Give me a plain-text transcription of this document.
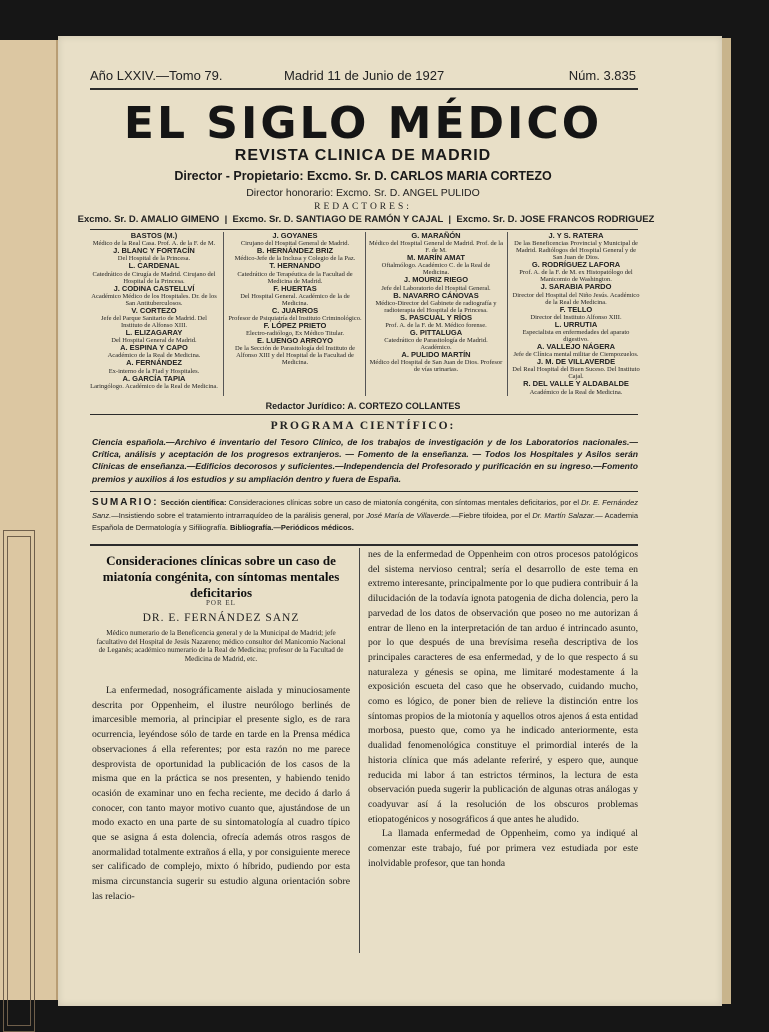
Año LXXIV.—Tomo 79.	Madrid 11 de Junio de 1927	Núm. 3.835
EL SIGLO MÉDICO
REVISTA CLINICA DE MADRID
Director - Propietario: Excmo. Sr. D. CARLOS MARIA CORTEZO
Director honorario: Excmo. Sr. D. ANGEL PULIDO
REDACTORES:
Excmo. Sr. D. AMALIO GIMENO  |  Excmo. Sr. D. SANTIAGO DE RAMÓN Y CAJAL  |  Excmo. Sr. D. JOSE FRANCOS RODRIGUEZ
BASTOS (M.)
Médico de la Real Casa. Prof. A. de la F. de M.
J. BLANC Y FORTACÍN
Del Hospital de la Princesa.
L. CARDENAL
Catedrático de Cirugía de Madrid. Cirujano del Hospital de la Princesa.
J. CODINA CASTELLVÍ
Académico Médico de los Hospitales. Dr. de los San Antituberculosos.
V. CORTEZO
Jefe del Parque Sanitario de Madrid. Del Instituto de Alfonso XIII.
L. ELIZAGARAY
Del Hospital General de Madrid.
A. ESPINA Y CAPO
Académico de la Real de Medicina.
A. FERNÁNDEZ
Ex-interno de la Fiad y Hospitales.
A. GARCÍA TAPIA
Laringólogo. Académico de la Real de Medicina.
J. GOYANES
Cirujano del Hospital General de Madrid.
B. HERNÁNDEZ BRIZ
Médico-Jefe de la Inclusa y Colegio de la Paz.
T. HERNANDO
Catedrático de Terapéutica de la Facultad de Medicina de Madrid.
F. HUERTAS
Del Hospital General. Académico de la de Medicina.
C. JUARROS
Profesor de Psiquiatría del Instituto Criminológico.
F. LÓPEZ PRIETO
Electro-radiólogo, Ex Médico Titular.
E. LUENGO ARROYO
De la Sección de Parasitología del Instituto de Alfonso XIII y del Hospital de la Facultad de Medicina.
G. MARAÑÓN
Médico del Hospital General de Madrid. Prof. de la F. de M.
M. MARÍN AMAT
Oftalmólogo. Académico C. de la Real de Medicina.
J. MOURIZ RIEGO
Jefe del Laboratorio del Hospital General.
B. NAVARRO CÁNOVAS
Médico-Director del Gabinete de radiografía y radioterapia del Hospital de la Princesa.
S. PASCUAL Y RÍOS
Prof. A. de la F. de M. Médico forense.
G. PITTALUGA
Catedrático de Parasitología de Madrid. Académico.
A. PULIDO MARTÍN
Médico del Hospital de San Juan de Dios. Profesor de vías urinarias.
J. Y S. RATERA
De las Beneficencias Provincial y Municipal de Madrid. Radiólogos del Hospital General y de San Juan de Dios.
G. RODRÍGUEZ LAFORA
Prof. A. de la F. de M. ex Histopatólogo del Manicomio de Washington.
J. SARABIA PARDO
Director del Hospital del Niño Jesús. Académico de la Real de Medicina.
F. TELLO
Director del Instituto Alfonso XIII.
L. URRUTIA
Especialista en enfermedades del aparato digestivo.
A. VALLEJO NÁGERA
Jefe de Clínica mental militar de Ciempozuelos.
J. M. DE VILLAVERDE
Del Real Hospital del Buen Suceso. Del Instituto Cajal.
R. DEL VALLE Y ALDABALDE
Académico de la Real de Medicina.
Redactor Jurídico: A. CORTEZO COLLANTES
PROGRAMA CIENTÍFICO:
Ciencia española.—Archivo é inventario del Tesoro Clínico, de los trabajos de investigación y de los Laboratorios nacionales.—Crítica, análisis y aceptación de los progresos extranjeros. — Fomento de la enseñanza. — Todos los Hospitales y Asilos serán Clínicas de enseñanza.—Edificios decorosos y suficientes.—Independencia del Profesorado y purificación en su ingreso.—Fomento premios y auxilios á los estudios y su ampliación dentro y fuera de España.
SUMARIO: Sección científica: Consideraciones clínicas sobre un caso de miatonía congénita, con síntomas mentales deficitarios, por el Dr. E. Fernández Sanz.—Insistiendo sobre el tratamiento intrarraquídeo de la parálisis general, por José María de Villaverde.—Fiebre tifoidea, por el Dr. Martín Salazar.— Academia Española de Dermatología y Sifiliografía. Bibliografía.—Periódicos médicos.
Consideraciones clínicas sobre un caso de miatonía congénita, con síntomas mentales deficitarios
POR EL
DR. E. FERNÁNDEZ SANZ
Médico numerario de la Beneficencia general y de la Municipal de Madrid; jefe facultativo del Hospital de Jesús Nazareno; médico consultor del Manicomio Nacional de Leganés; académico numerario de la Real de Medicina; profesor de la Facultad de Medicina de Madrid, etc.

La enfermedad, nosográficamente aislada y minuciosamente descrita por Oppenheim, el ilustre neurólogo berlinés de imarcesible memoria, al principiar el presente siglo, es de rara ocurrencia, leyéndose sólo de tarde en tarde en la Prensa médica observaciones á ella referentes; por esta razón no me parece desprovista de oportunidad la publicación de los casos de la misma que en la práctica se nos presenten, y habiendo tenido ocasión de examinar uno en fecha reciente, me decido á darlo á conocer, con tanto mayor motivo cuanto que, ajustándose de un modo exacto en una parte de su sintomatología al cuadro típico que se asigna á esta dolencia, ofrecía además otros rasgos de anormalidad totalmente extraños á ella, y por consiguiente merece ser calificado de complejo, mixto ó híbrido, pudiendo por esta misma circunstancia sugerir su estudio alguna orientación sobre las relacio-

nes de la enfermedad de Oppenheim con otros procesos patológicos del sistema nervioso central; sería el desarrollo de este tema en extremo interesante, principalmente por lo que pudiera contribuir á la dilucidación de la todavía ignota patogenia de dicha dolencia, pero la parvedad de los datos de observación que poseo no me autorizan á entrar de lleno en la interpretación de tan arduo é intrincado asunto, por lo que después de una brevísima reseña descriptiva de los principales caracteres de esa enfermedad, y de lo que respecto á su naturaleza y génesis se opina, me limitaré modestamente á la exposición escueta del caso que he observado, cuidando mucho, como es lógico, de poner bien de relieve la distinción entre los síntomas propios de la miotonía y aquellos otros ajenos á esta entidad morbosa, puesto que, como ya he indicado anteriormente, esta dualidad fenomenológica constituye el primordial interés de la historia clínica que más adelante referiré, y espero que, aunque reducida mi labor á tan estrictos términos, la lectura de esta observación pueda sugerir la publicación de algunas otras análogas y coadyuvar así á la resolución de los obscuros problemas etiopatogénicos y nosográficos á que antes he aludido.

La llamada enfermedad de Oppenheim, como ya indiqué al comenzar este trabajo, fué por primera vez estudiada por este inolvidable profesor, que tan honda
